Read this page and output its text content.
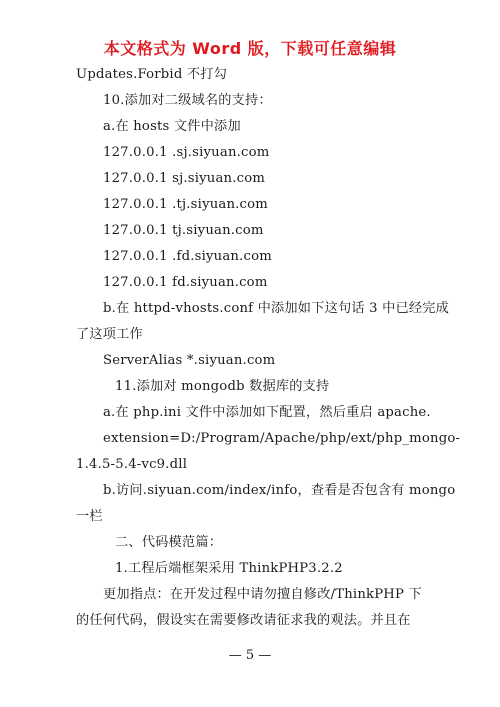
本文格式为 Word 版，下载可任意编辑
Updates.Forbid 不打勾
10.添加对二级域名的支持：
a.在 hosts 文件中添加
127.0.0.1 .sj.siyuan.com
127.0.0.1 sj.siyuan.com
127.0.0.1 .tj.siyuan.com
127.0.0.1 tj.siyuan.com
127.0.0.1 .fd.siyuan.com
127.0.0.1 fd.siyuan.com
b.在 httpd-vhosts.conf 中添加如下这句话 3 中已经完成
了这项工作
ServerAlias *.siyuan.com
11.添加对 mongodb 数据库的支持
a.在 php.ini 文件中添加如下配置，然后重启 apache.
extension = D:/Program/Apache/php/ext/php_mongo-
1.4.5-5.4-vc9.dll
b.访问.siyuan.com/index/info，查看是否包含有 mongo
一栏
二、代码模范篇：
1.工程后端框架采用 ThinkPHP3.2.2
更加指点：在开发过程中请勿擅自修改/ThinkPHP 下
的任何代码，假设实在需要修改请征求我的观法。并且在
— 5 —
